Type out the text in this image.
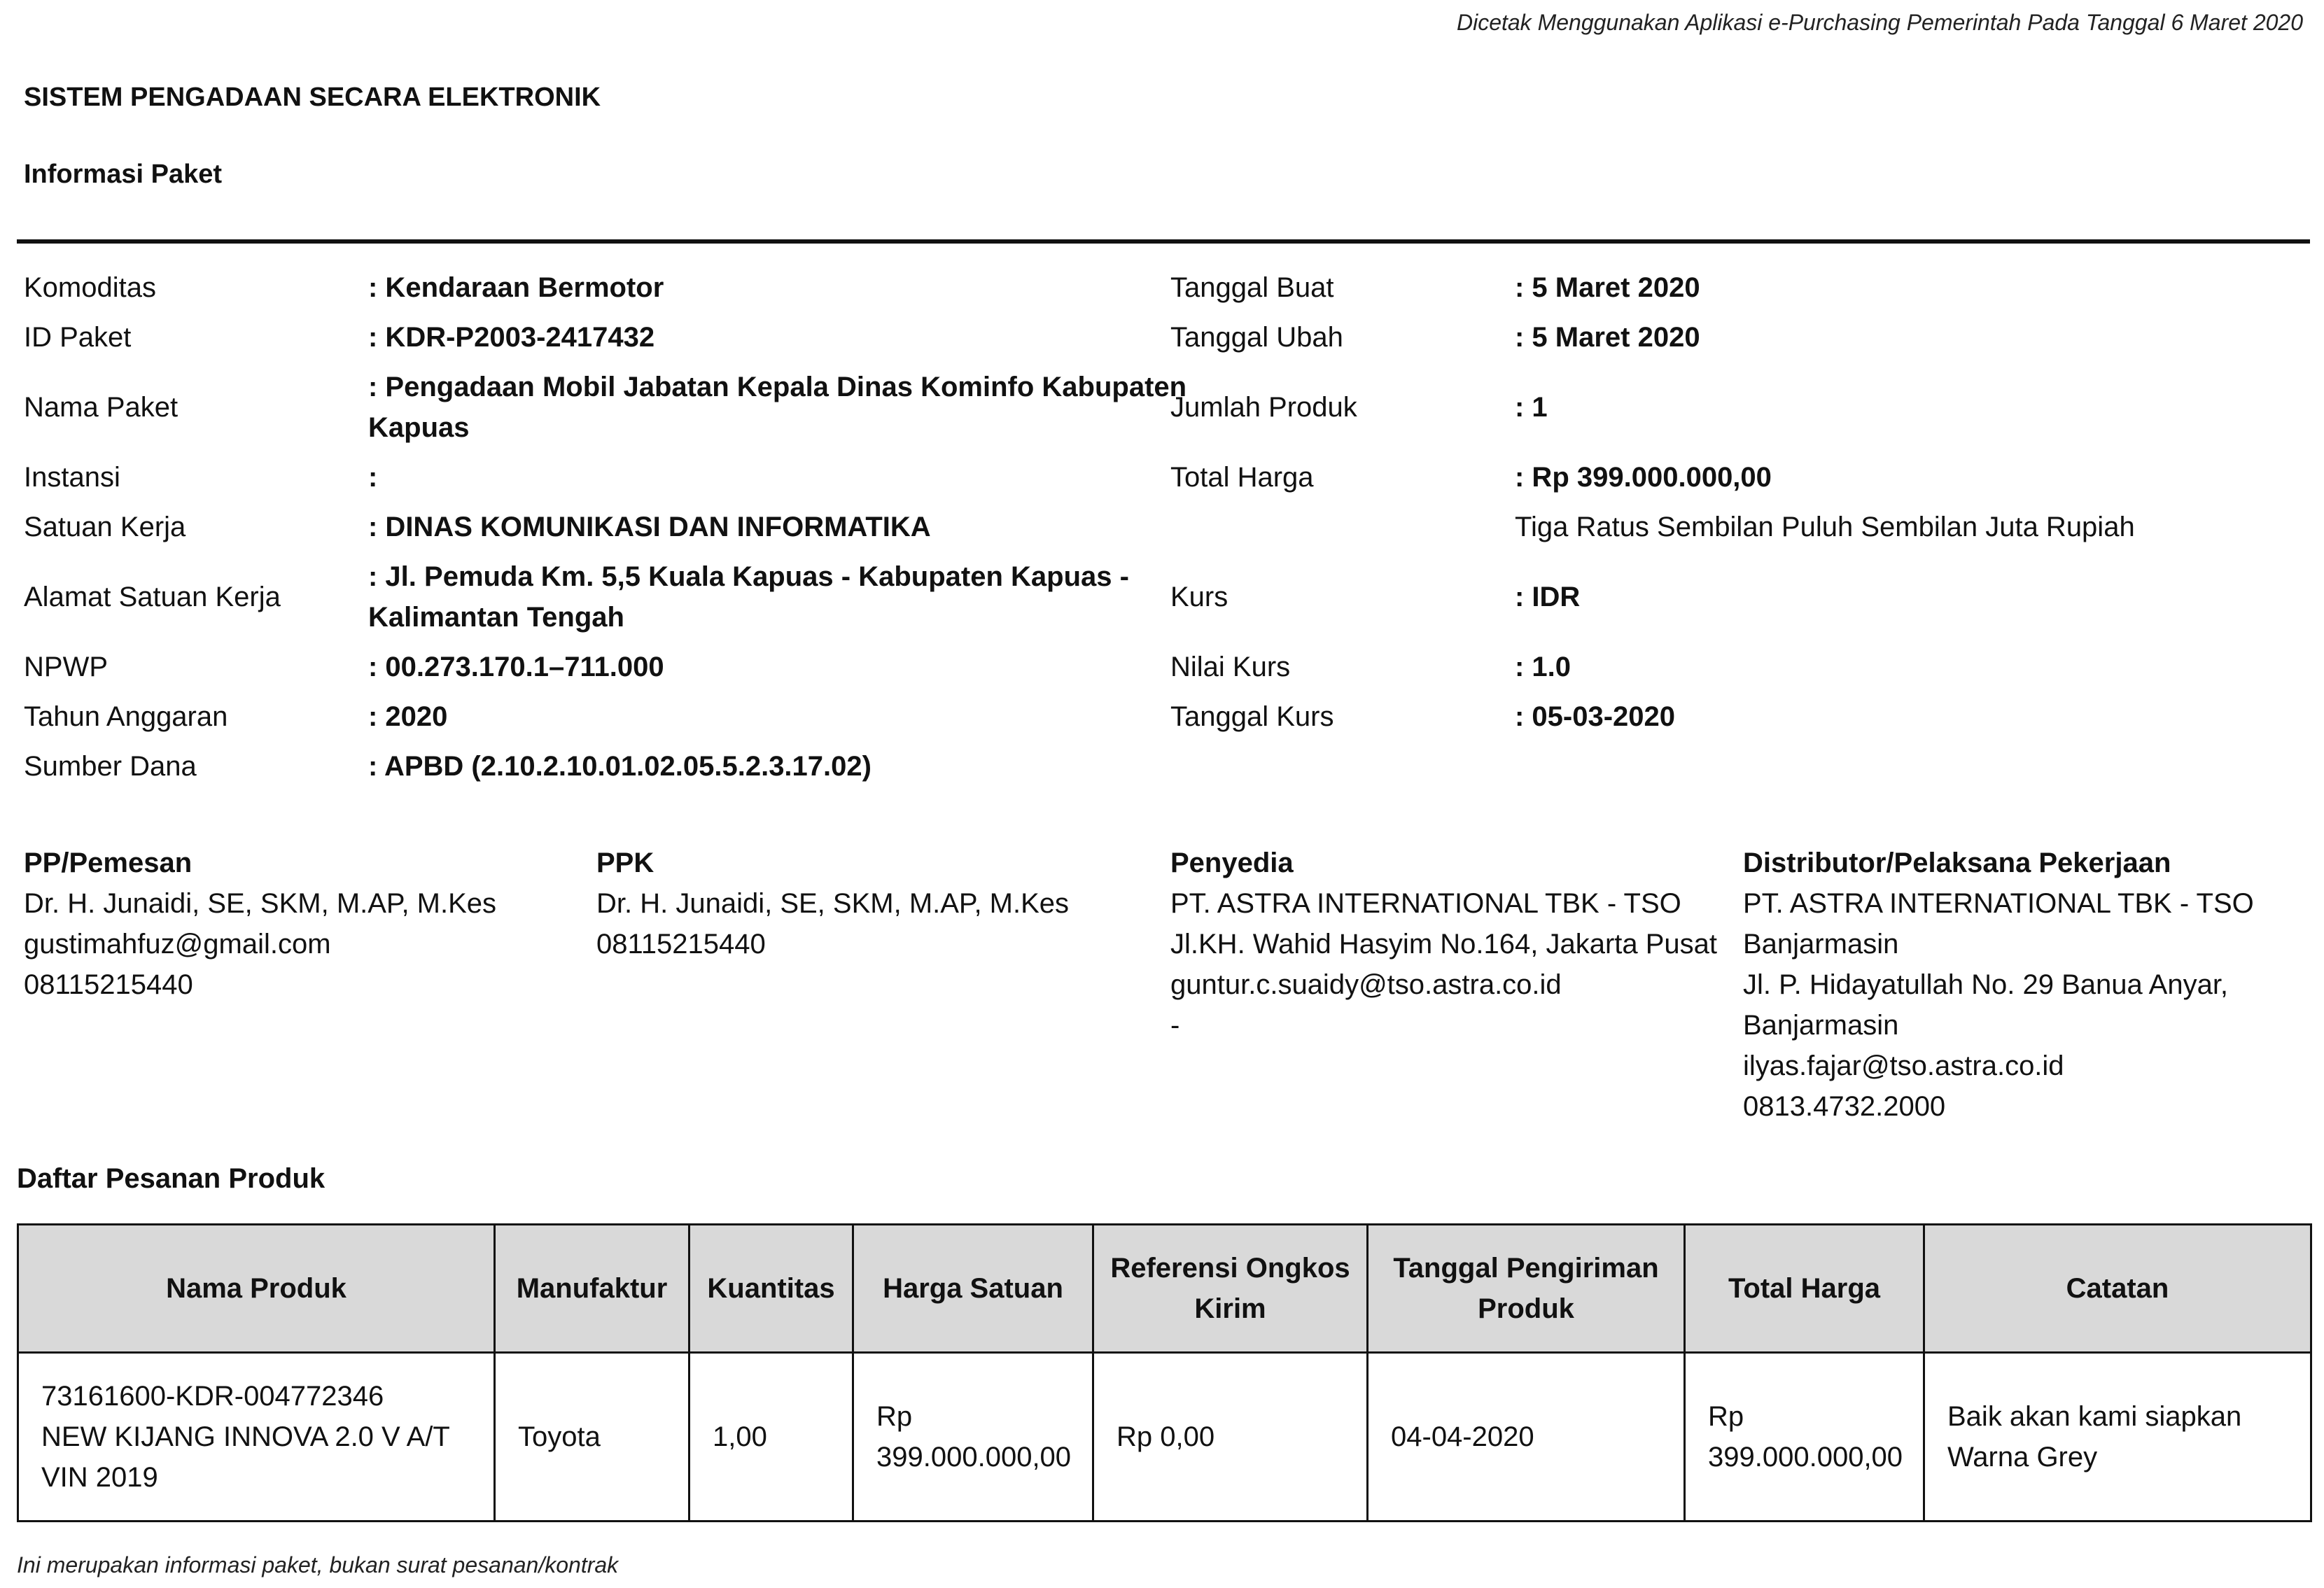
Dicetak Menggunakan Aplikasi e-Purchasing Pemerintah Pada Tanggal 6 Maret 2020
SISTEM PENGADAAN SECARA ELEKTRONIK
Informasi Paket
Komoditas	: Kendaraan Bermotor
ID Paket	: KDR-P2003-2417432
Nama Paket
: Pengadaan Mobil Jabatan Kepala Dinas Kominfo Kabupaten
Kapuas
Instansi	:
Satuan Kerja	: DINAS KOMUNIKASI DAN INFORMATIKA
Alamat Satuan Kerja
: Jl. Pemuda Km. 5,5 Kuala Kapuas - Kabupaten Kapuas -
Kalimantan Tengah
NPWP	: 00.273.170.1–711.000
Tahun Anggaran	: 2020
Sumber Dana	: APBD (2.10.2.10.01.02.05.5.2.3.17.02)
Tanggal Buat	: 5 Maret 2020
Tanggal Ubah	: 5 Maret 2020
Jumlah Produk	: 1
Total Harga	: Rp 399.000.000,00
Tiga Ratus Sembilan Puluh Sembilan Juta Rupiah
Kurs	: IDR
Nilai Kurs	: 1.0
Tanggal Kurs	: 05-03-2020
PP/Pemesan
Dr. H. Junaidi, SE, SKM, M.AP, M.Kes
gustimahfuz@gmail.com
08115215440
PPK
Dr. H. Junaidi, SE, SKM, M.AP, M.Kes
08115215440
Penyedia
PT. ASTRA INTERNATIONAL TBK - TSO
Jl.KH. Wahid Hasyim No.164, Jakarta Pusat
guntur.c.suaidy@tso.astra.co.id
-
Distributor/Pelaksana Pekerjaan
PT. ASTRA INTERNATIONAL TBK - TSO
Banjarmasin
Jl. P. Hidayatullah No. 29 Banua Anyar,
Banjarmasin
ilyas.fajar@tso.astra.co.id
0813.4732.2000
Daftar Pesanan Produk
Nama Produk	Manufaktur	Kuantitas	Harga Satuan	Referensi Ongkos Kirim	Tanggal Pengiriman Produk	Total Harga	Catatan

73161600-KDR-004772346
NEW KIJANG INNOVA 2.0 V A/T
VIN 2019	Toyota	1,00	Rp
399.000.000,00	Rp 0,00	04-04-2020	Rp
399.000.000,00	Baik akan kami siapkan
Warna Grey
Ini merupakan informasi paket, bukan surat pesanan/kontrak
